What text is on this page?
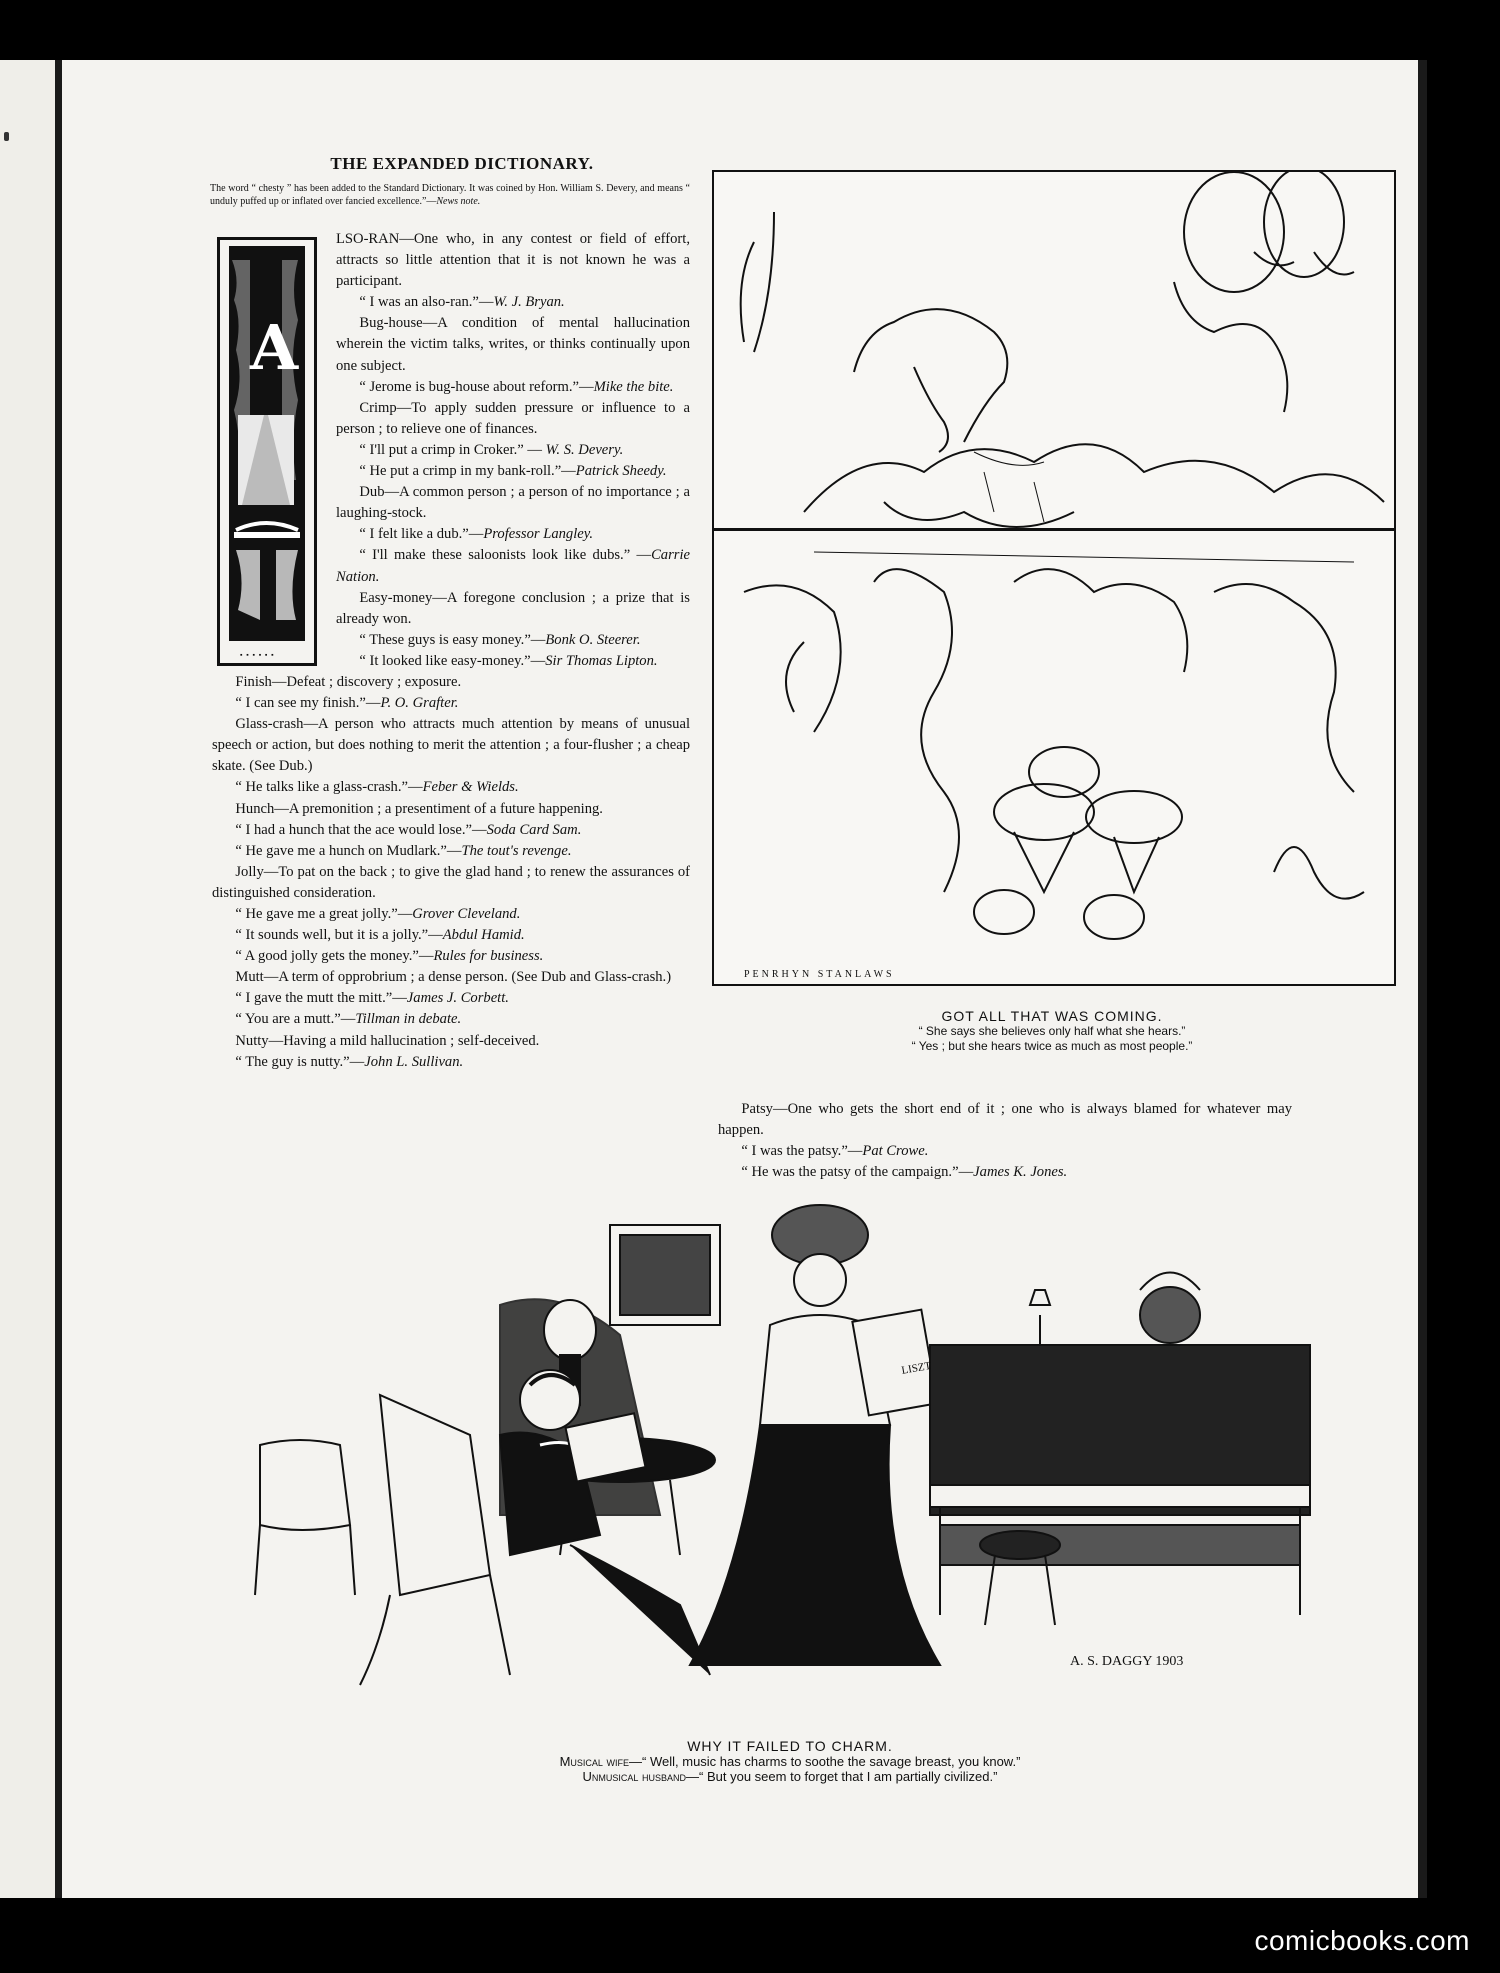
THE EXPANDED DICTIONARY.
The word “ chesty ” has been added to the Standard Dictionary. It was coined by Hon. William S. Devery, and means “ unduly puffed up or inflated over fancied excellence.”—News note.
A
▪ ▪ ▪ ▪ ▪ ▪

LSO-RAN—One who, in any contest or field of effort, attracts so little attention that it is not known he was a participant.

“ I was an also-ran.”—W. J. Bryan.

Bug-house—A condition of mental hallucination wherein the victim talks, writes, or thinks continually upon one subject.

“ Jerome is bug-house about reform.”—Mike the bite.

Crimp—To apply sudden pressure or influence to a person ; to relieve one of finances.

“ I'll put a crimp in Croker.” — W. S. Devery.

“ He put a crimp in my bank-roll.”—Patrick Sheedy.

Dub—A common person ; a person of no importance ; a laughing-stock.

“ I felt like a dub.”—Professor Langley.

“ I'll make these saloonists look like dubs.” —Carrie Nation.

Easy-money—A foregone conclusion ; a prize that is already won.

“ These guys is easy money.”—Bonk O. Steerer.

“ It looked like easy-money.”—Sir Thomas Lipton.

Finish—Defeat ; discovery ; exposure.

“ I can see my finish.”—P. O. Grafter.

Glass-crash—A person who attracts much attention by means of unusual speech or action, but does nothing to merit the attention ; a four-flusher ; a cheap skate. (See Dub.)

“ He talks like a glass-crash.”—Feber & Wields.

Hunch—A premonition ; a presentiment of a future happening.

“ I had a hunch that the ace would lose.”—Soda Card Sam.

“ He gave me a hunch on Mudlark.”—The tout's revenge.

Jolly—To pat on the back ; to give the glad hand ; to renew the assurances of distinguished consideration.

“ He gave me a great jolly.”—Grover Cleveland.

“ It sounds well, but it is a jolly.”—Abdul Hamid.

“ A good jolly gets the money.”—Rules for business.

Mutt—A term of opprobrium ; a dense person. (See Dub and Glass-crash.)

“ I gave the mutt the mitt.”—James J. Corbett.

“ You are a mutt.”—Tillman in debate.

Nutty—Having a mild hallucination ; self-deceived.

“ The guy is nutty.”—John L. Sullivan.

PENRHYN STANLAWS
GOT ALL THAT WAS COMING.
“ She says she believes only half what she hears.”
“ Yes ; but she hears twice as much as most people.”

Patsy—One who gets the short end of it ; one who is always blamed for whatever may happen.

“ I was the patsy.”—Pat Crowe.

“ He was the patsy of the campaign.”—James K. Jones.

LISZT
A. S. DAGGY 1903
WHY IT FAILED TO CHARM.
Musical wife—“ Well, music has charms to soothe the savage breast, you know.”
Unmusical husband—“ But you seem to forget that I am partially civilized.”
comicbooks.com
